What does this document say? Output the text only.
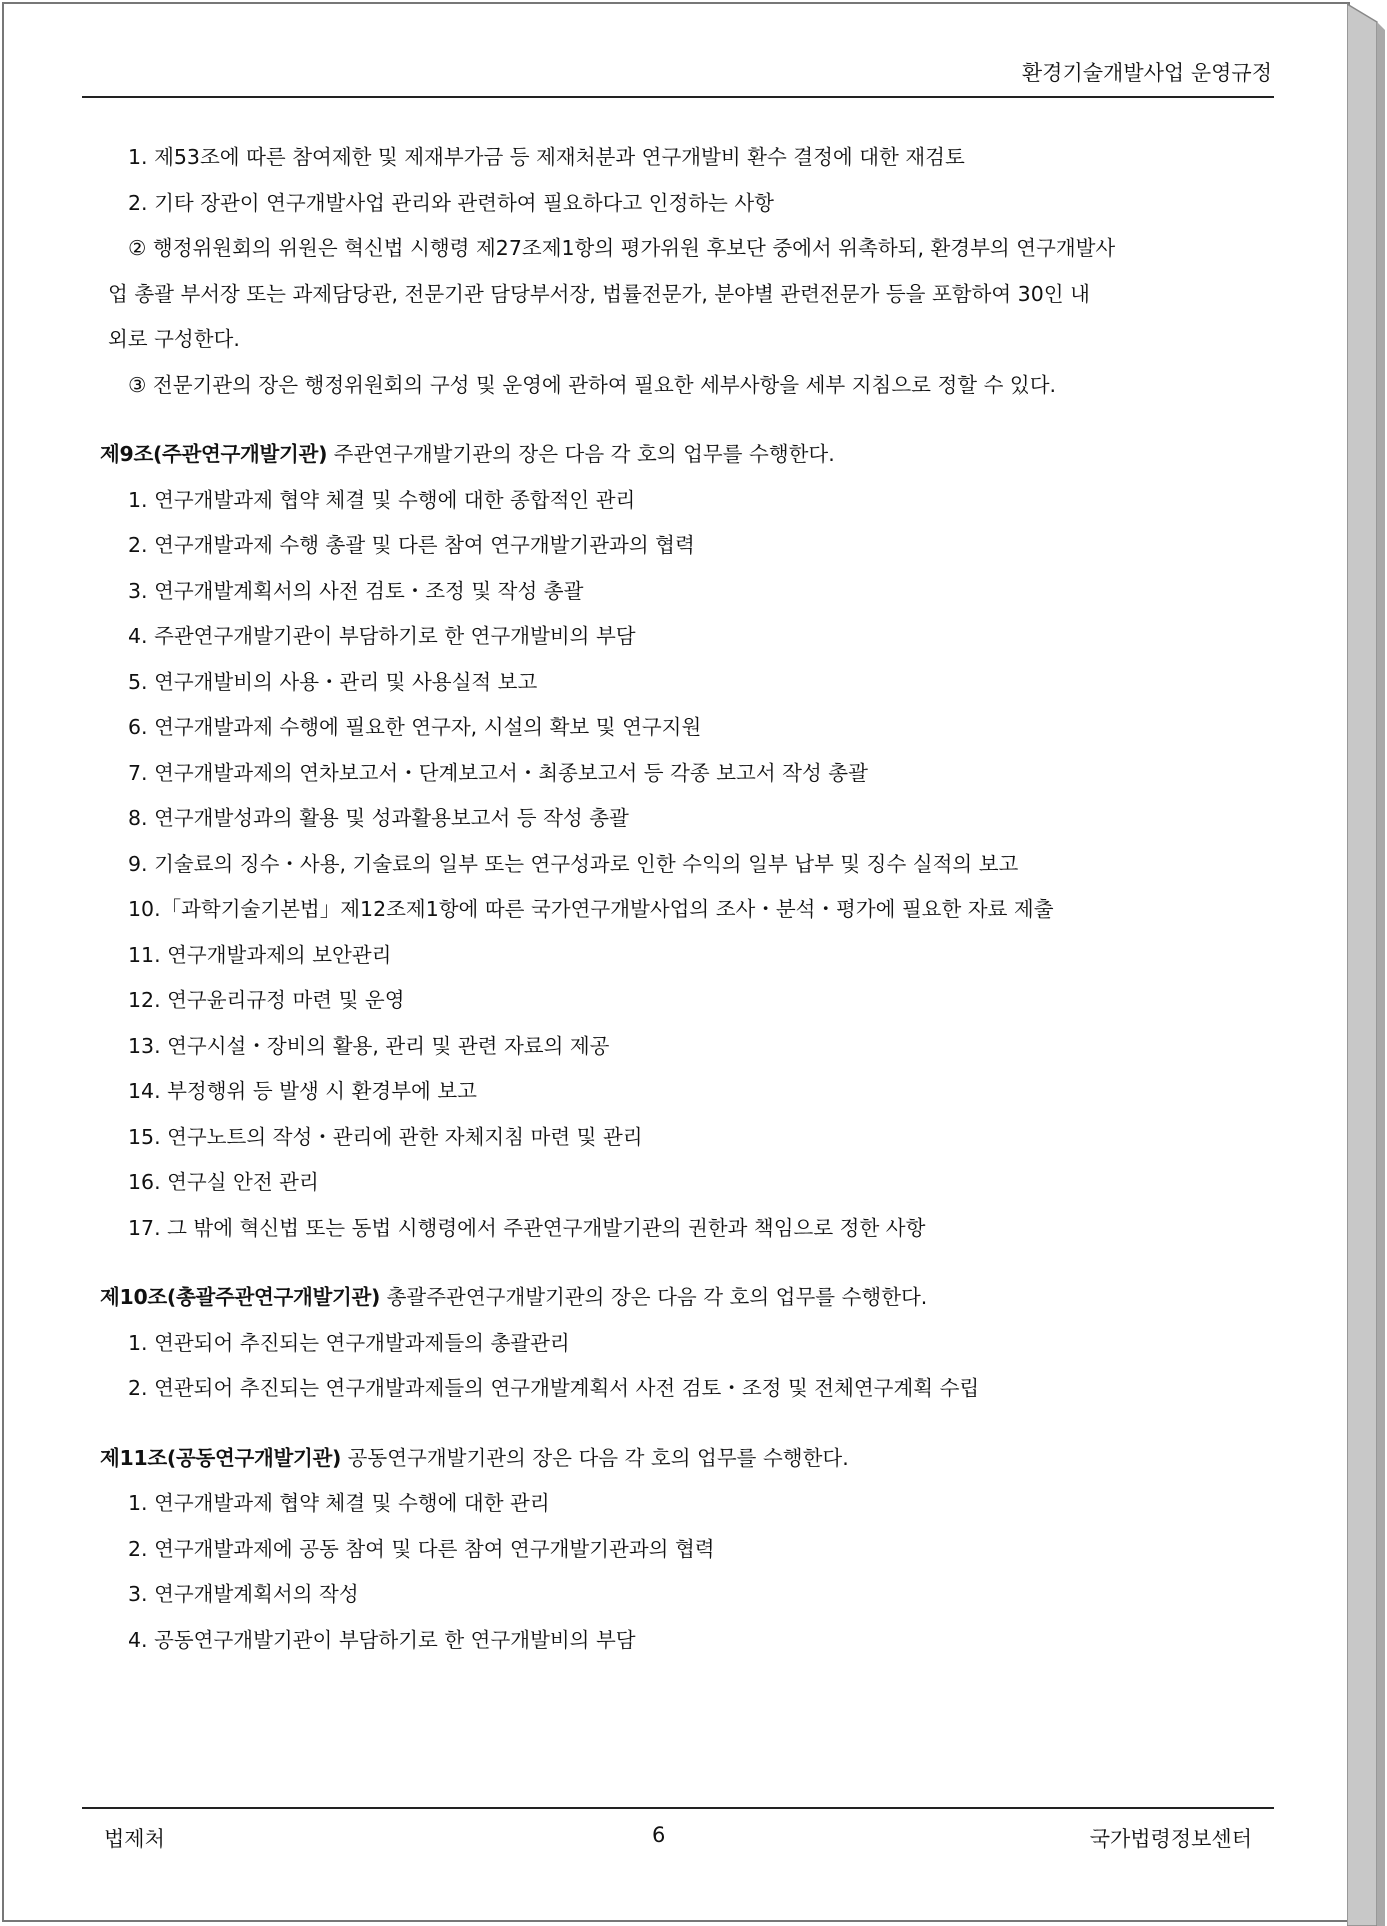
환경기술개발사업 운영규정
1. 제53조에 따른 참여제한 및 제재부가금 등 제재처분과 연구개발비 환수 결정에 대한 재검토
2. 기타 장관이 연구개발사업 관리와 관련하여 필요하다고 인정하는 사항
② 행정위원회의 위원은 혁신법 시행령 제27조제1항의 평가위원 후보단 중에서 위촉하되, 환경부의 연구개발사
업 총괄 부서장 또는 과제담당관, 전문기관 담당부서장, 법률전문가, 분야별 관련전문가 등을 포함하여 30인 내
외로 구성한다.
③ 전문기관의 장은 행정위원회의 구성 및 운영에 관하여 필요한 세부사항을 세부 지침으로 정할 수 있다.
제9조(주관연구개발기관) 주관연구개발기관의 장은 다음 각 호의 업무를 수행한다.
1. 연구개발과제 협약 체결 및 수행에 대한 종합적인 관리
2. 연구개발과제 수행 총괄 및 다른 참여 연구개발기관과의 협력
3. 연구개발계획서의 사전 검토・조정 및 작성 총괄
4. 주관연구개발기관이 부담하기로 한 연구개발비의 부담
5. 연구개발비의 사용・관리 및 사용실적 보고
6. 연구개발과제 수행에 필요한 연구자, 시설의 확보 및 연구지원
7. 연구개발과제의 연차보고서・단계보고서・최종보고서 등 각종 보고서 작성 총괄
8. 연구개발성과의 활용 및 성과활용보고서 등 작성 총괄
9. 기술료의 징수・사용, 기술료의 일부 또는 연구성과로 인한 수익의 일부 납부 및 징수 실적의 보고
10.「과학기술기본법」제12조제1항에 따른 국가연구개발사업의 조사・분석・평가에 필요한 자료 제출
11. 연구개발과제의 보안관리
12. 연구윤리규정 마련 및 운영
13. 연구시설・장비의 활용, 관리 및 관련 자료의 제공
14. 부정행위 등 발생 시 환경부에 보고
15. 연구노트의 작성・관리에 관한 자체지침 마련 및 관리
16. 연구실 안전 관리
17. 그 밖에 혁신법 또는 동법 시행령에서 주관연구개발기관의 권한과 책임으로 정한 사항
제10조(총괄주관연구개발기관) 총괄주관연구개발기관의 장은 다음 각 호의 업무를 수행한다.
1. 연관되어 추진되는 연구개발과제들의 총괄관리
2. 연관되어 추진되는 연구개발과제들의 연구개발계획서 사전 검토・조정 및 전체연구계획 수립
제11조(공동연구개발기관) 공동연구개발기관의 장은 다음 각 호의 업무를 수행한다.
1. 연구개발과제 협약 체결 및 수행에 대한 관리
2. 연구개발과제에 공동 참여 및 다른 참여 연구개발기관과의 협력
3. 연구개발계획서의 작성
4. 공동연구개발기관이 부담하기로 한 연구개발비의 부담
법제처	6	국가법령정보센터
